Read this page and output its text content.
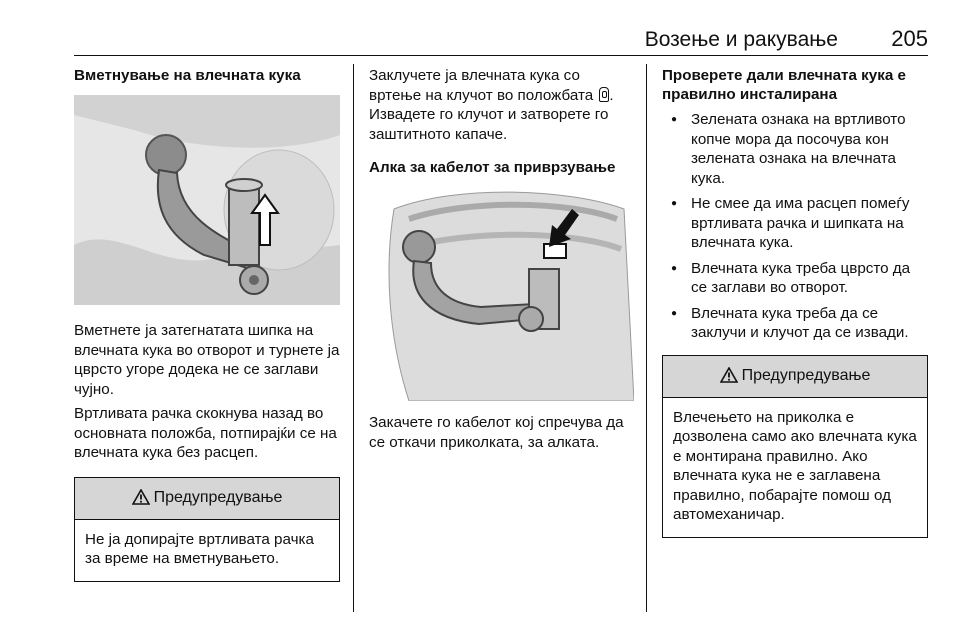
Возење и ракување 205
Вметнување на влечната кука
Вметнете ја затегнатата шипка на влечната кука во отворот и турнете ја цврсто угоре додека не се заглави чујно.
Вртливата рачка скокнува назад во основната положба, потпирајќи се на влечната кука без расцеп.
Предупредување
Не ја допирајте вртливата рачка за време на вметнувањето.
Заклучете ја влечната кука со вртење на клучот во положбата .
Извадете го клучот и затворете го заштитното капаче.
Алка за кабелот за приврзување
Закачете го кабелот кој спречува да се откачи приколката, за алката.
Проверете дали влечната кука е правилно инсталирана
● Зелената ознака на вртливото копче мора да посочува кон зелената ознака на влечната кука.
● Не смее да има расцеп помеѓу вртливата рачка и шипката на влечната кука.
● Влечната кука треба цврсто да се заглави во отворот.
● Влечната кука треба да се заклучи и клучот да се извади.
Предупредување
Влечењето на приколка е дозволена само ако влечната кука е монтирана правилно. Ако влечната кука не е заглавена правилно, побарајте помош од автомеханичар.
